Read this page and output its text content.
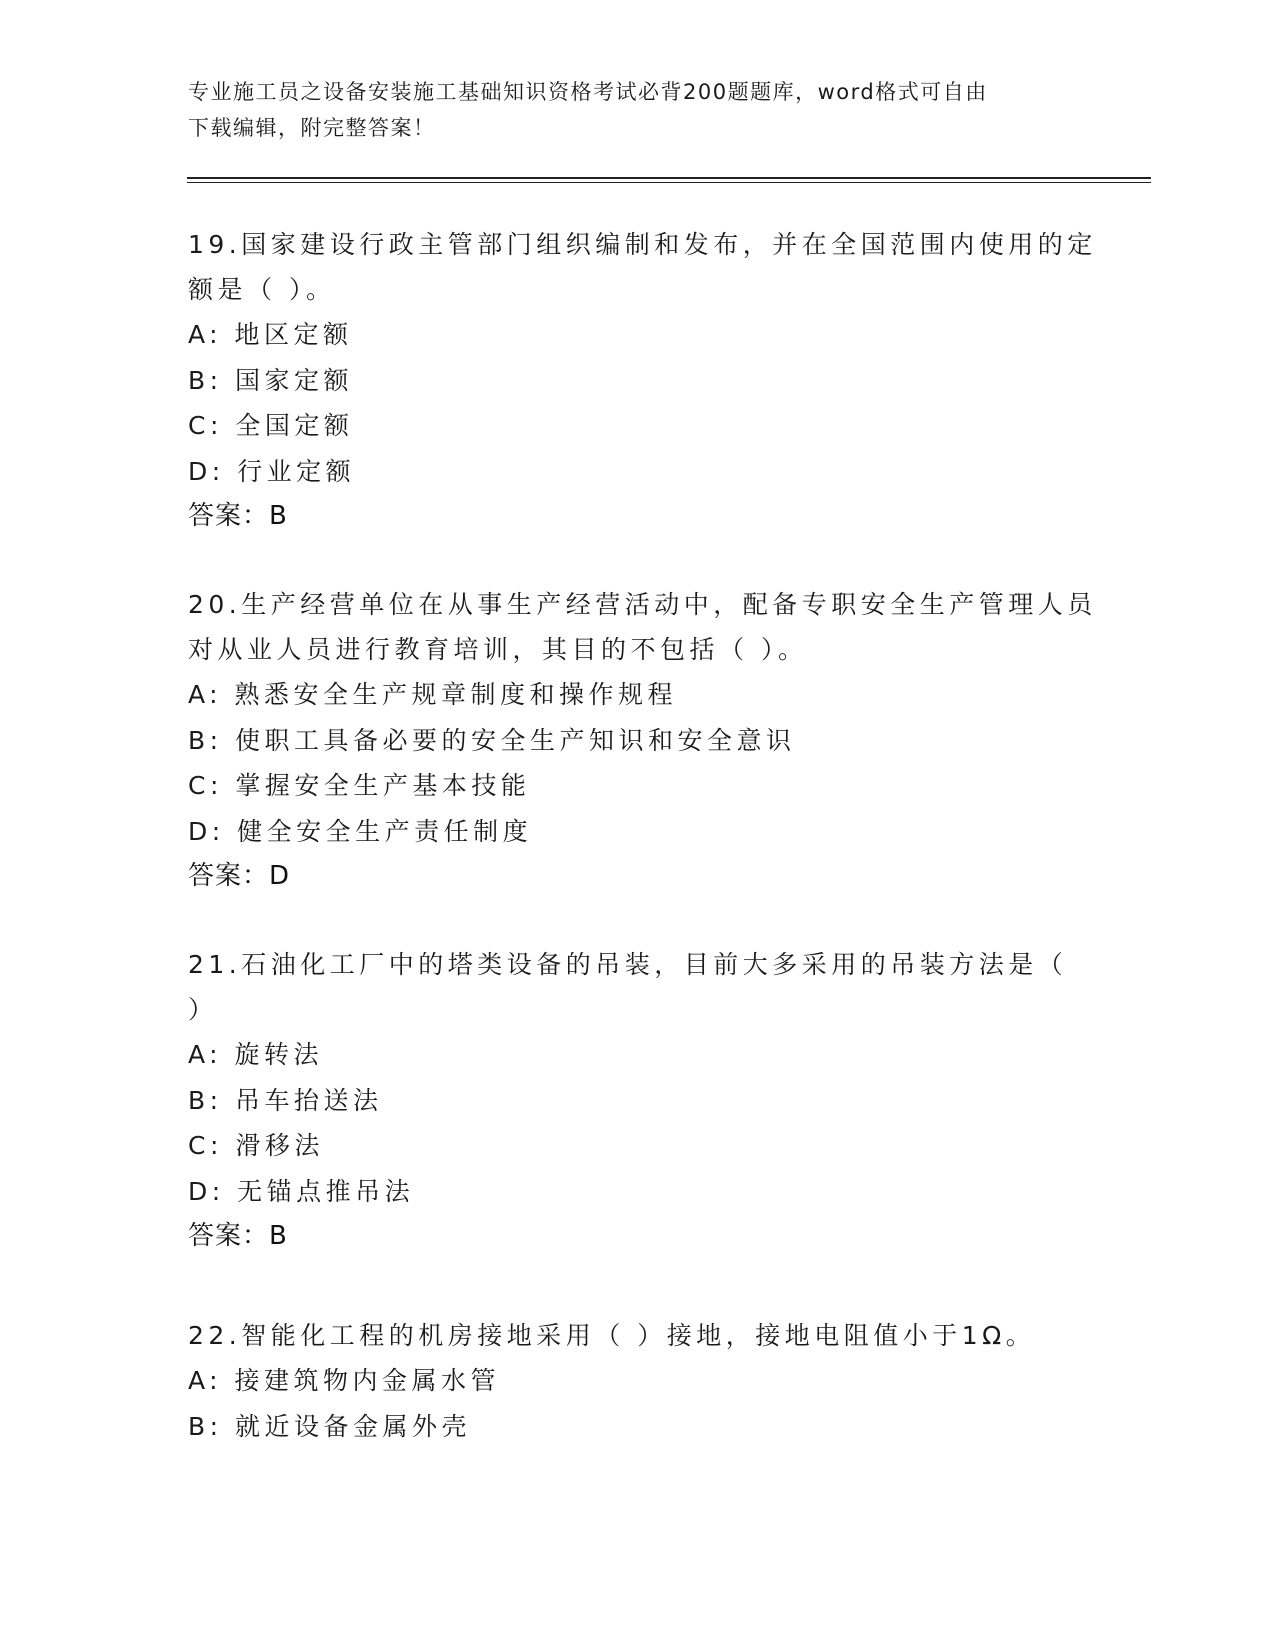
专业施工员之设备安装施工基础知识资格考试必背200题题库，word格式可自由
下载编辑，附完整答案！
19.国家建设行政主管部门组织编制和发布，并在全国范围内使用的定
额是（ ）。
A: 地区定额
B: 国家定额
C: 全国定额
D: 行业定额
答案：B
20.生产经营单位在从事生产经营活动中，配备专职安全生产管理人员
对从业人员进行教育培训，其目的不包括（ ）。
A: 熟悉安全生产规章制度和操作规程
B: 使职工具备必要的安全生产知识和安全意识
C: 掌握安全生产基本技能
D: 健全安全生产责任制度
答案：D
21.石油化工厂中的塔类设备的吊装，目前大多采用的吊装方法是（
）
A: 旋转法
B: 吊车抬送法
C: 滑移法
D: 无锚点推吊法
答案：B
22.智能化工程的机房接地采用（ ）接地，接地电阻值小于1Ω。
A: 接建筑物内金属水管
B: 就近设备金属外壳
